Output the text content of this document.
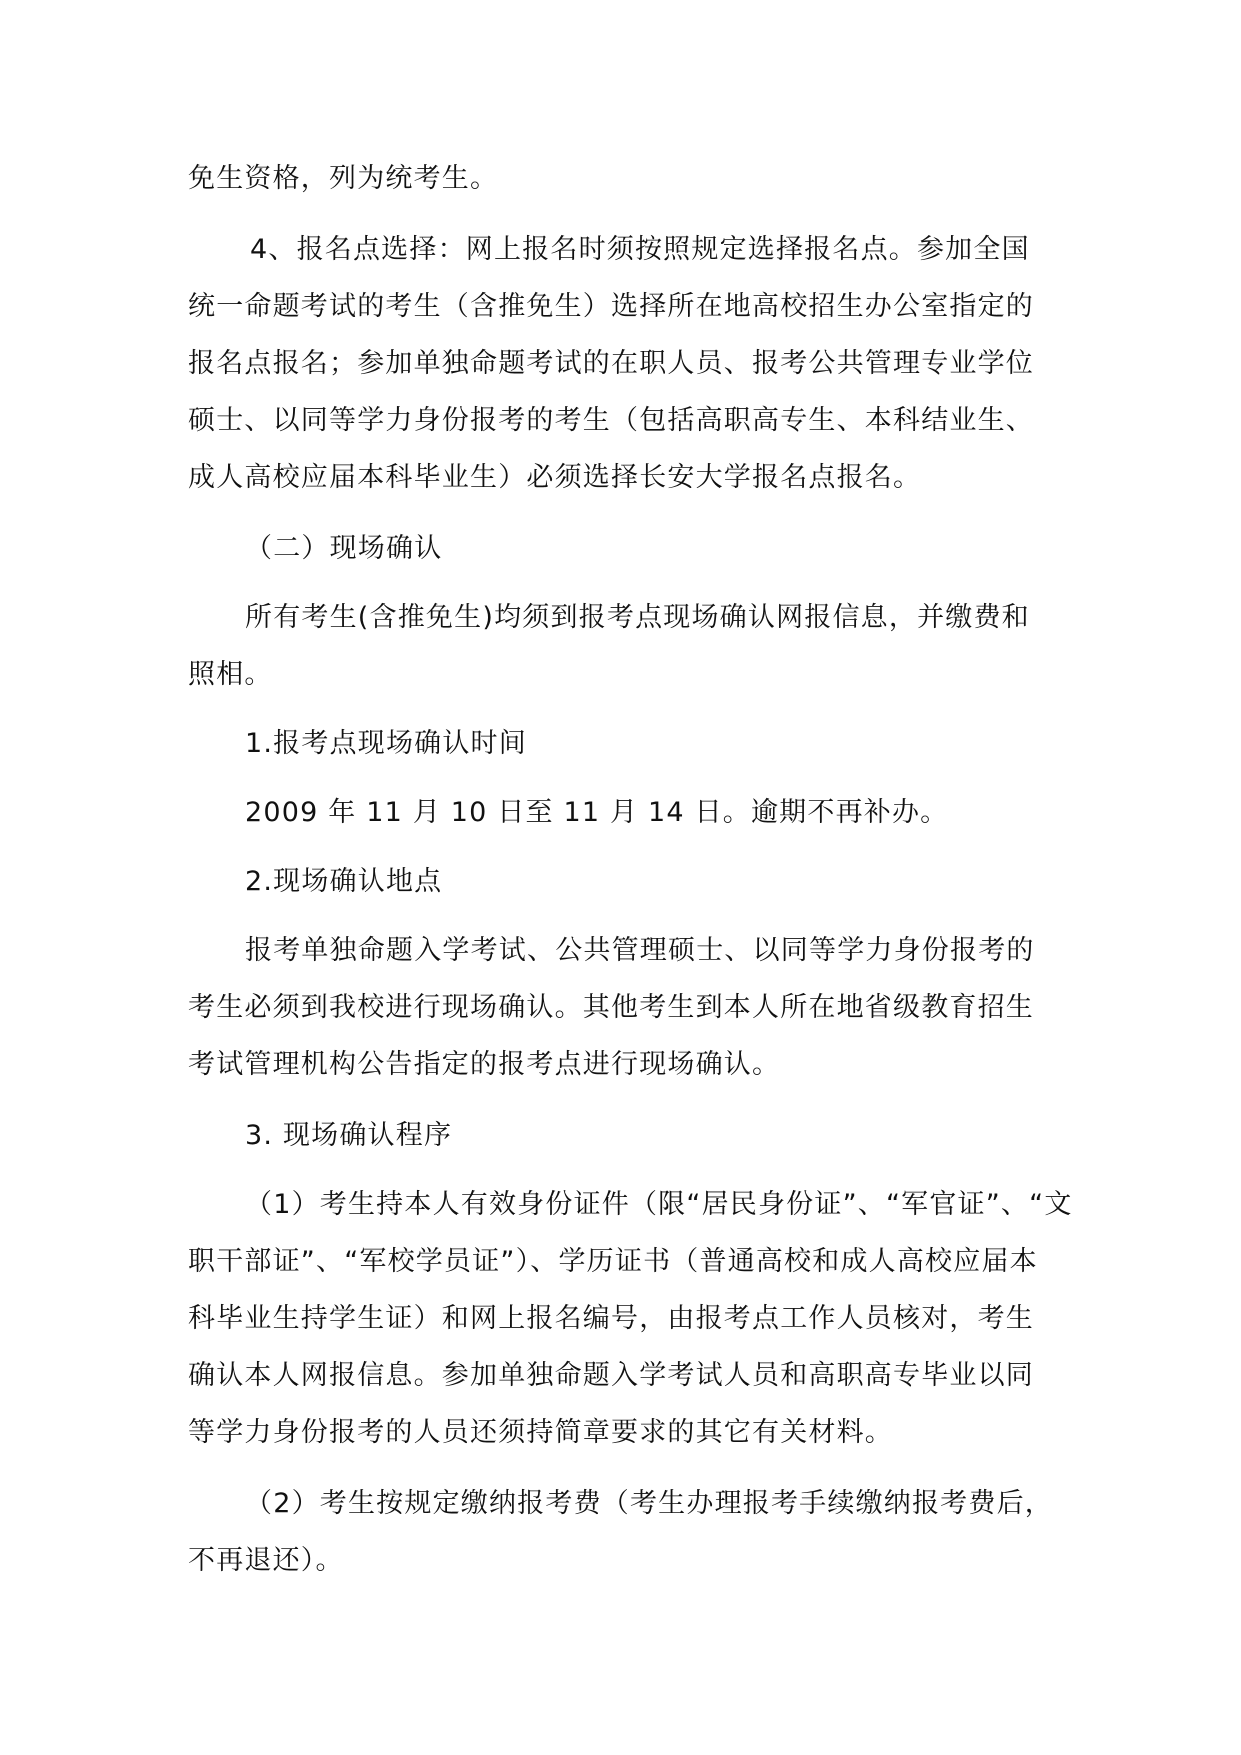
免生资格，列为统考生。

4、报名点选择：网上报名时须按照规定选择报名点。参加全国
统一命题考试的考生（含推免生）选择所在地高校招生办公室指定的
报名点报名；参加单独命题考试的在职人员、报考公共管理专业学位
硕士、以同等学力身份报考的考生（包括高职高专生、本科结业生、
成人高校应届本科毕业生）必须选择长安大学报名点报名。

（二）现场确认

所有考生(含推免生)均须到报考点现场确认网报信息，并缴费和
照相。

1.报考点现场确认时间

2009 年 11 月 10 日至 11 月 14 日。逾期不再补办。

2.现场确认地点

报考单独命题入学考试、公共管理硕士、以同等学力身份报考的
考生必须到我校进行现场确认。其他考生到本人所在地省级教育招生
考试管理机构公告指定的报考点进行现场确认。

3. 现场确认程序

（1）考生持本人有效身份证件（限“居民身份证”、“军官证”、“文
职干部证”、“军校学员证”）、学历证书（普通高校和成人高校应届本
科毕业生持学生证）和网上报名编号，由报考点工作人员核对，考生
确认本人网报信息。参加单独命题入学考试人员和高职高专毕业以同
等学力身份报考的人员还须持简章要求的其它有关材料。

（2）考生按规定缴纳报考费（考生办理报考手续缴纳报考费后，
不再退还）。
